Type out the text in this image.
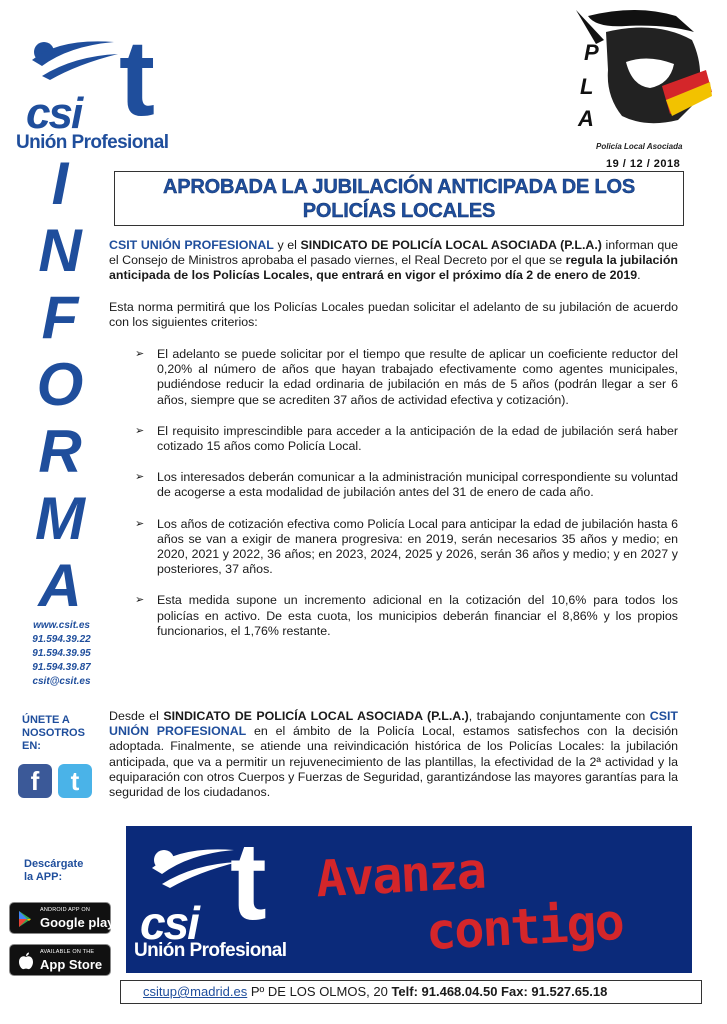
t
csi
Unión Profesional
P
L
A
Policía Local Asociada
19 / 12 / 2018
APROBADA LA JUBILACIÓN ANTICIPADA DE LOS
POLICÍAS LOCALES
I
N
F
O
R
M
A
www.csit.es
91.594.39.22
91.594.39.95
91.594.39.87
csit@csit.es
ÚNETE A
NOSOTROS
EN:
f	t
Descárgate
la APP:
ANDROID APP ON
Google play
AVAILABLE ON THE
App Store

CSIT UNIÓN PROFESIONAL y el SINDICATO DE POLICÍA LOCAL ASOCIADA (P.L.A.) informan que el Consejo de Ministros aprobaba el pasado viernes, el Real Decreto por el que se regula la jubilación anticipada de los Policías Locales, que entrará en vigor el próximo día 2 de enero de 2019.

Esta norma permitirá que los Policías Locales puedan solicitar el adelanto de su jubilación de acuerdo con los siguientes criterios:

➢ El adelanto se puede solicitar por el tiempo que resulte de aplicar un coeficiente reductor del 0,20% al número de años que hayan trabajado efectivamente como agentes municipales, pudiéndose reducir la edad ordinaria de jubilación en más de 5 años (podrán llegar a ser 6 años, siempre que se acrediten 37 años de actividad efectiva y cotización).
➢ El requisito imprescindible para acceder a la anticipación de la edad de jubilación será haber cotizado 15 años como Policía Local.
➢ Los interesados deberán comunicar a la administración municipal correspondiente su voluntad de acogerse a esta modalidad de jubilación antes del 31 de enero de cada año.
➢ Los años de cotización efectiva como Policía Local para anticipar la edad de jubilación hasta 6 años se van a exigir de manera progresiva: en 2019, serán necesarios 35 años y medio; en 2020, 2021 y 2022, 36 años; en 2023, 2024, 2025 y 2026, serán 36 años y medio; y en 2027 y posteriores, 37 años.
➢ Esta medida supone un incremento adicional en la cotización del 10,6% para todos los policías en activo. De esta cuota, los municipios deberán financiar el 8,86% y los propios funcionarios, el 1,76% restante.

Desde el SINDICATO DE POLICÍA LOCAL ASOCIADA (P.L.A.), trabajando conjuntamente con CSIT UNIÓN PROFESIONAL en el ámbito de la Policía Local, estamos satisfechos con la decisión adoptada. Finalmente, se atiende una reivindicación histórica de los Policías Locales: la jubilación anticipada, que va a permitir un rejuvenecimiento de las plantillas, la efectividad de la 2ª actividad y la equiparación con otros Cuerpos y Fuerzas de Seguridad, garantizándose las mayores garantías para la seguridad de los ciudadanos.

t
csi
Unión Profesional
Avanza
contigo
csitup@madrid.es Pº DE LOS OLMOS, 20 Telf: 91.468.04.50 Fax: 91.527.65.18
